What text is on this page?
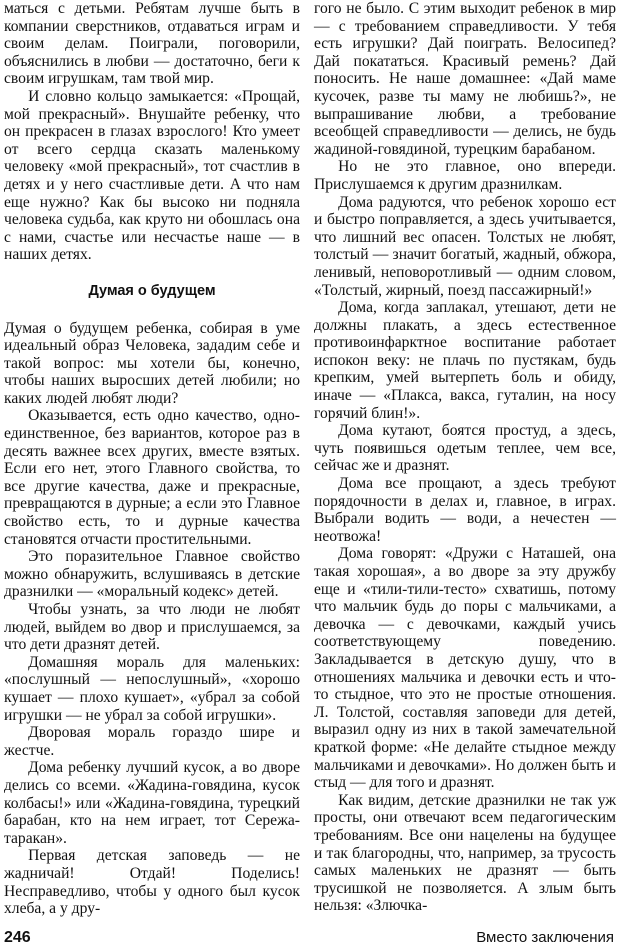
маться с детьми. Ребятам лучше быть в компании сверстников, отдаваться играм и своим делам. Поиграли, поговорили, объяснились в любви — достаточно, беги к своим игрушкам, там твой мир.

И словно кольцо замыкается: «Прощай, мой прекрасный». Внушайте ребенку, что он прекрасен в глазах взрослого! Кто умеет от всего сердца сказать маленькому человеку «мой прекрасный», тот счастлив в детях и у него счастливые дети. А что нам еще нужно? Как бы высоко ни подняла человека судьба, как круто ни обошлась она с нами, счастье или несчастье наше — в наших детях.

Думая о будущем

Думая о будущем ребенка, собирая в уме идеальный образ Человека, зададим себе и такой вопрос: мы хотели бы, конечно, чтобы наших выросших детей любили; но каких людей любят люди?

Оказывается, есть одно качество, одно-единственное, без вариантов, которое раз в десять важнее всех других, вместе взятых. Если его нет, этого Главного свойства, то все другие качества, даже и прекрасные, превращаются в дурные; а если это Главное свойство есть, то и дурные качества становятся отчасти простительными.

Это поразительное Главное свойство можно обнаружить, вслушиваясь в детские дразнилки — «моральный кодекс» детей.

Чтобы узнать, за что люди не любят людей, выйдем во двор и прислушаемся, за что дети дразнят детей.

Домашняя мораль для маленьких: «послушный — непослушный», «хорошо кушает — плохо кушает», «убрал за собой игрушки — не убрал за собой игрушки».

Дворовая мораль гораздо шире и жестче.

Дома ребенку лучший кусок, а во дворе делись со всеми. «Жадина-говядина, кусок колбасы!» или «Жадина-говядина, турецкий барабан, кто на нем играет, тот Сережа-таракан».

Первая детская заповедь — не жадничай! Отдай! Поделись! Несправедливо, чтобы у одного был кусок хлеба, а у дру-

гого не было. С этим выходит ребенок в мир — с требованием справедливости. У тебя есть игрушки? Дай поиграть. Велосипед? Дай покататься. Красивый ремень? Дай поносить. Не наше домашнее: «Дай маме кусочек, разве ты маму не любишь?», не выпрашивание любви, а требование всеобщей справедливости — делись, не будь жадиной-говядиной, турецким барабаном.

Но не это главное, оно впереди. Прислушаемся к другим дразнилкам.

Дома радуются, что ребенок хорошо ест и быстро поправляется, а здесь учитывается, что лишний вес опасен. Толстых не любят, толстый — значит богатый, жадный, обжора, ленивый, неповоротливый — одним словом, «Толстый, жирный, поезд пассажирный!»

Дома, когда заплакал, утешают, дети не должны плакать, а здесь естественное противоинфарктное воспитание работает испокон веку: не плачь по пустякам, будь крепким, умей вытерпеть боль и обиду, иначе — «Плакса, вакса, гуталин, на носу горячий блин!».

Дома кутают, боятся простуд, а здесь, чуть появишься одетым теплее, чем все, сейчас же и дразнят.

Дома все прощают, а здесь требуют порядочности в делах и, главное, в играх. Выбрали водить — води, а нечестен — неотвожа!

Дома говорят: «Дружи с Наташей, она такая хорошая», а во дворе за эту дружбу еще и «тили-тили-тесто» схватишь, потому что мальчик будь до поры с мальчиками, а девочка — с девочками, каждый учись соответствующему поведению. Закладывается в детскую душу, что в отношениях мальчика и девочки есть и что-то стыдное, что это не простые отношения. Л. Толстой, составляя заповеди для детей, выразил одну из них в такой замечательной краткой форме: «Не делайте стыдное между мальчиками и девочками». Но должен быть и стыд — для того и дразнят.

Как видим, детские дразнилки не так уж просты, они отвечают всем педагогическим требованиям. Все они нацелены на будущее и так благородны, что, например, за трусость самых маленьких не дразнят — быть трусишкой не позволяется. А злым быть нельзя: «Злючка-

246	Вместо заключения
